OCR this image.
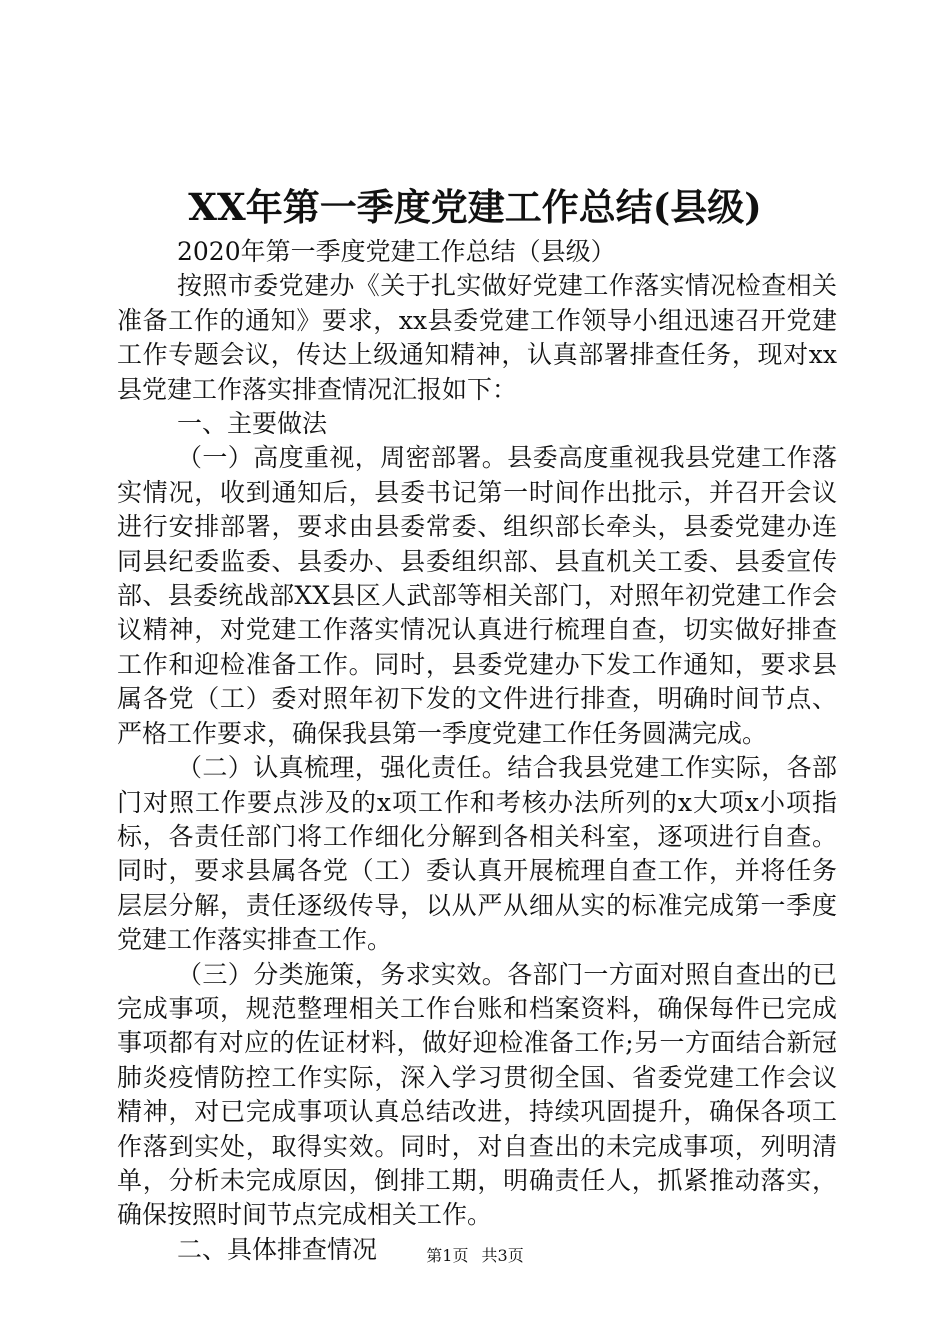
XX年第一季度党建工作总结(县级)

2020年第一季度党建工作总结（县级）

按照市委党建办《关于扎实做好党建工作落实情况检查相关准备工作的通知》要求，xx县委党建工作领导小组迅速召开党建工作专题会议，传达上级通知精神，认真部署排查任务，现对xx县党建工作落实排查情况汇报如下：

一、主要做法

（一）高度重视，周密部署。县委高度重视我县党建工作落实情况，收到通知后，县委书记第一时间作出批示，并召开会议进行安排部署，要求由县委常委、组织部长牵头，县委党建办连同县纪委监委、县委办、县委组织部、县直机关工委、县委宣传部、县委统战部XX县区人武部等相关部门，对照年初党建工作会议精神，对党建工作落实情况认真进行梳理自查，切实做好排查工作和迎检准备工作。同时，县委党建办下发工作通知，要求县属各党（工）委对照年初下发的文件进行排查，明确时间节点、严格工作要求，确保我县第一季度党建工作任务圆满完成。

（二）认真梳理，强化责任。结合我县党建工作实际，各部门对照工作要点涉及的x项工作和考核办法所列的x大项x小项指标，各责任部门将工作细化分解到各相关科室，逐项进行自查。同时，要求县属各党（工）委认真开展梳理自查工作，并将任务层层分解，责任逐级传导，以从严从细从实的标准完成第一季度党建工作落实排查工作。

（三）分类施策，务求实效。各部门一方面对照自查出的已完成事项，规范整理相关工作台账和档案资料，确保每件已完成事项都有对应的佐证材料，做好迎检准备工作;另一方面结合新冠肺炎疫情防控工作实际，深入学习贯彻全国、省委党建工作会议精神，对已完成事项认真总结改进，持续巩固提升，确保各项工作落到实处，取得实效。同时，对自查出的未完成事项，列明清单，分析未完成原因，倒排工期，明确责任人，抓紧推动落实，确保按照时间节点完成相关工作。

二、具体排查情况	第1页 共3页
